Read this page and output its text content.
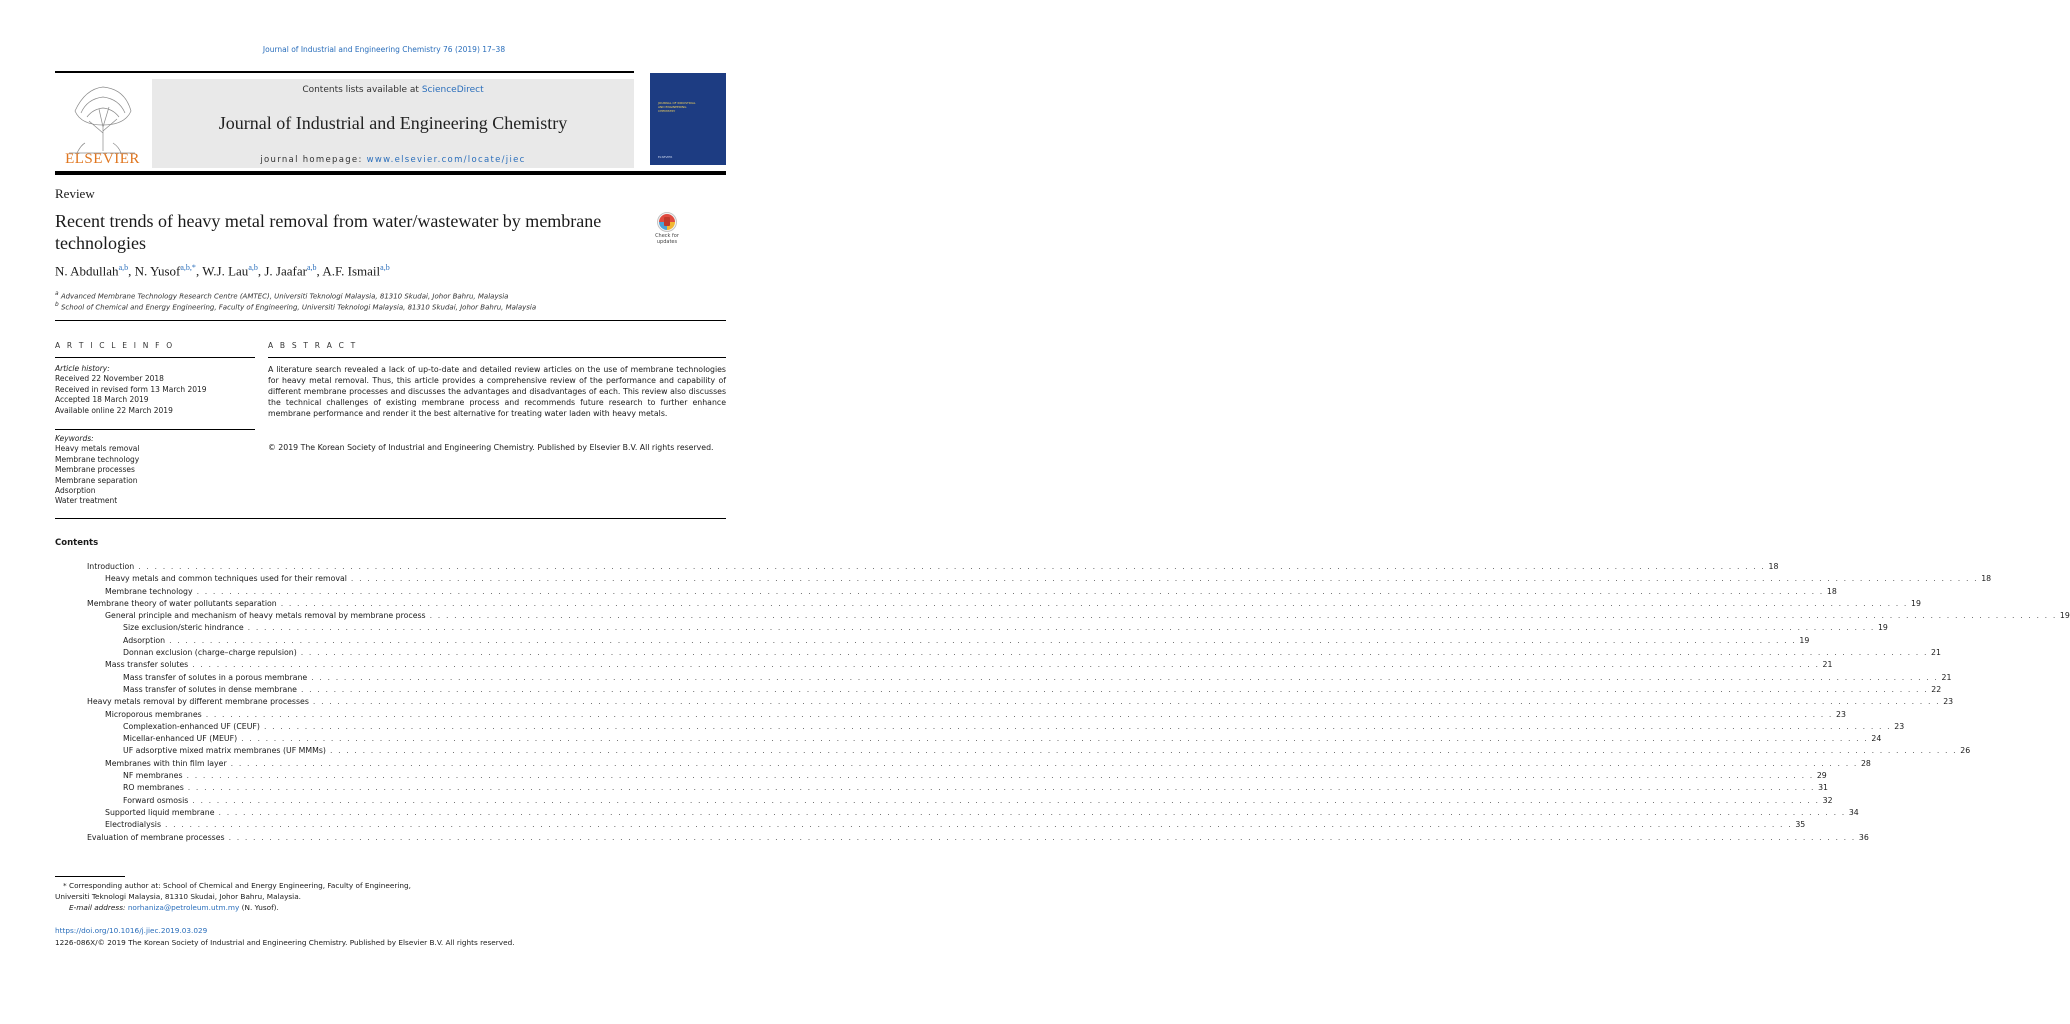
Journal of Industrial and Engineering Chemistry 76 (2019) 17–38
ELSEVIER
Contents lists available at ScienceDirect
Journal of Industrial and Engineering Chemistry
journal homepage: www.elsevier.com/locate/jiec
JOURNAL OF INDUSTRIAL AND ENGINEERING CHEMISTRY
ELSEVIER
Review
Recent trends of heavy metal removal from water/wastewater by membrane technologies	Check for updates
N. Abdullah$^{a,b}$, N. Yusof$^{a,b,*}$, W.J. Lau$^{a,b}$, J. Jaafar$^{a,b}$, A.F. Ismail$^{a,b}$
$^a$ Advanced Membrane Technology Research Centre (AMTEC), Universiti Teknologi Malaysia, 81310 Skudai, Johor Bahru, Malaysia
$^b$ School of Chemical and Energy Engineering, Faculty of Engineering, Universiti Teknologi Malaysia, 81310 Skudai, Johor Bahru, Malaysia
A R T I C L E I N F O	A B S T R A C T
Article history:
Received 22 November 2018
Received in revised form 13 March 2019
Accepted 18 March 2019
Available online 22 March 2019
Keywords:
Heavy metals removal
Membrane technology
Membrane processes
Membrane separation
Adsorption
Water treatment
A literature search revealed a lack of up-to-date and detailed review articles on the use of membrane technologies for heavy metal removal. Thus, this article provides a comprehensive review of the performance and capability of different membrane processes and discusses the advantages and disadvantages of each. This review also discusses the technical challenges of existing membrane process and recommends future research to further enhance membrane performance and render it the best alternative for treating water laden with heavy metals.
© 2019 The Korean Society of Industrial and Engineering Chemistry. Published by Elsevier B.V. All rights reserved.
Contents
Introduction . . . . . . . . . . . . . . . . . . . . . . . . . . . . . . . . . . . . . . . . . . . . . . . . . . . . . . . . . . . . . . . . . . . . . . . . . . . . . . . . . . . . . . . . . . . . . . . . . . . . . . . . . . . . . . . . . . . . . . . . . . . . . . . . . . . . . . . . . . . . . . . . . . . . . . . . . . . . . . . . . . . . . . . . . . . . . . . . . . . . . . . . . . . . . . . . . . . . . . . . 18
Heavy metals and common techniques used for their removal . . . . . . . . . . . . . . . . . . . . . . . . . . . . . . . . . . . . . . . . . . . . . . . . . . . . . . . . . . . . . . . . . . . . . . . . . . . . . . . . . . . . . . . . . . . . . . . . . . . . . . . . . . . . . . . . . . . . . . . . . . . . . . . . . . . . . . . . . . . . . . . . . . . . . . . . . . . . . . . . . . . . . . . . . . . . . . . . . . . . . . . . . . . . . . . . . . . . . . . . 18
Membrane technology . . . . . . . . . . . . . . . . . . . . . . . . . . . . . . . . . . . . . . . . . . . . . . . . . . . . . . . . . . . . . . . . . . . . . . . . . . . . . . . . . . . . . . . . . . . . . . . . . . . . . . . . . . . . . . . . . . . . . . . . . . . . . . . . . . . . . . . . . . . . . . . . . . . . . . . . . . . . . . . . . . . . . . . . . . . . . . . . . . . . . . . . . . . . . . . . . . . . . . . . 18
Membrane theory of water pollutants separation . . . . . . . . . . . . . . . . . . . . . . . . . . . . . . . . . . . . . . . . . . . . . . . . . . . . . . . . . . . . . . . . . . . . . . . . . . . . . . . . . . . . . . . . . . . . . . . . . . . . . . . . . . . . . . . . . . . . . . . . . . . . . . . . . . . . . . . . . . . . . . . . . . . . . . . . . . . . . . . . . . . . . . . . . . . . . . . . . . . . . . . . . . . . . . . . . . . . . . . . 19
General principle and mechanism of heavy metals removal by membrane process . . . . . . . . . . . . . . . . . . . . . . . . . . . . . . . . . . . . . . . . . . . . . . . . . . . . . . . . . . . . . . . . . . . . . . . . . . . . . . . . . . . . . . . . . . . . . . . . . . . . . . . . . . . . . . . . . . . . . . . . . . . . . . . . . . . . . . . . . . . . . . . . . . . . . . . . . . . . . . . . . . . . . . . . . . . . . . . . . . . . . . . . . . . . . . . . . . . . . . . . 19
Size exclusion/steric hindrance . . . . . . . . . . . . . . . . . . . . . . . . . . . . . . . . . . . . . . . . . . . . . . . . . . . . . . . . . . . . . . . . . . . . . . . . . . . . . . . . . . . . . . . . . . . . . . . . . . . . . . . . . . . . . . . . . . . . . . . . . . . . . . . . . . . . . . . . . . . . . . . . . . . . . . . . . . . . . . . . . . . . . . . . . . . . . . . . . . . . . . . . . . . . . . . . . . . . . . . . 19
Adsorption . . . . . . . . . . . . . . . . . . . . . . . . . . . . . . . . . . . . . . . . . . . . . . . . . . . . . . . . . . . . . . . . . . . . . . . . . . . . . . . . . . . . . . . . . . . . . . . . . . . . . . . . . . . . . . . . . . . . . . . . . . . . . . . . . . . . . . . . . . . . . . . . . . . . . . . . . . . . . . . . . . . . . . . . . . . . . . . . . . . . . . . . . . . . . . . . . . . . . . . . 19
Donnan exclusion (charge–charge repulsion) . . . . . . . . . . . . . . . . . . . . . . . . . . . . . . . . . . . . . . . . . . . . . . . . . . . . . . . . . . . . . . . . . . . . . . . . . . . . . . . . . . . . . . . . . . . . . . . . . . . . . . . . . . . . . . . . . . . . . . . . . . . . . . . . . . . . . . . . . . . . . . . . . . . . . . . . . . . . . . . . . . . . . . . . . . . . . . . . . . . . . . . . . . . . . . . . . . . . . . . . 21
Mass transfer solutes . . . . . . . . . . . . . . . . . . . . . . . . . . . . . . . . . . . . . . . . . . . . . . . . . . . . . . . . . . . . . . . . . . . . . . . . . . . . . . . . . . . . . . . . . . . . . . . . . . . . . . . . . . . . . . . . . . . . . . . . . . . . . . . . . . . . . . . . . . . . . . . . . . . . . . . . . . . . . . . . . . . . . . . . . . . . . . . . . . . . . . . . . . . . . . . . . . . . . . . . 21
Mass transfer of solutes in a porous membrane . . . . . . . . . . . . . . . . . . . . . . . . . . . . . . . . . . . . . . . . . . . . . . . . . . . . . . . . . . . . . . . . . . . . . . . . . . . . . . . . . . . . . . . . . . . . . . . . . . . . . . . . . . . . . . . . . . . . . . . . . . . . . . . . . . . . . . . . . . . . . . . . . . . . . . . . . . . . . . . . . . . . . . . . . . . . . . . . . . . . . . . . . . . . . . . . . . . . . . . . 21
Mass transfer of solutes in dense membrane . . . . . . . . . . . . . . . . . . . . . . . . . . . . . . . . . . . . . . . . . . . . . . . . . . . . . . . . . . . . . . . . . . . . . . . . . . . . . . . . . . . . . . . . . . . . . . . . . . . . . . . . . . . . . . . . . . . . . . . . . . . . . . . . . . . . . . . . . . . . . . . . . . . . . . . . . . . . . . . . . . . . . . . . . . . . . . . . . . . . . . . . . . . . . . . . . . . . . . . . 22
Heavy metals removal by different membrane processes . . . . . . . . . . . . . . . . . . . . . . . . . . . . . . . . . . . . . . . . . . . . . . . . . . . . . . . . . . . . . . . . . . . . . . . . . . . . . . . . . . . . . . . . . . . . . . . . . . . . . . . . . . . . . . . . . . . . . . . . . . . . . . . . . . . . . . . . . . . . . . . . . . . . . . . . . . . . . . . . . . . . . . . . . . . . . . . . . . . . . . . . . . . . . . . . . . . . . . . . 23
Microporous membranes . . . . . . . . . . . . . . . . . . . . . . . . . . . . . . . . . . . . . . . . . . . . . . . . . . . . . . . . . . . . . . . . . . . . . . . . . . . . . . . . . . . . . . . . . . . . . . . . . . . . . . . . . . . . . . . . . . . . . . . . . . . . . . . . . . . . . . . . . . . . . . . . . . . . . . . . . . . . . . . . . . . . . . . . . . . . . . . . . . . . . . . . . . . . . . . . . . . . . . . . 23
Complexation-enhanced UF (CEUF) . . . . . . . . . . . . . . . . . . . . . . . . . . . . . . . . . . . . . . . . . . . . . . . . . . . . . . . . . . . . . . . . . . . . . . . . . . . . . . . . . . . . . . . . . . . . . . . . . . . . . . . . . . . . . . . . . . . . . . . . . . . . . . . . . . . . . . . . . . . . . . . . . . . . . . . . . . . . . . . . . . . . . . . . . . . . . . . . . . . . . . . . . . . . . . . . . . . . . . . . 23
Micellar-enhanced UF (MEUF) . . . . . . . . . . . . . . . . . . . . . . . . . . . . . . . . . . . . . . . . . . . . . . . . . . . . . . . . . . . . . . . . . . . . . . . . . . . . . . . . . . . . . . . . . . . . . . . . . . . . . . . . . . . . . . . . . . . . . . . . . . . . . . . . . . . . . . . . . . . . . . . . . . . . . . . . . . . . . . . . . . . . . . . . . . . . . . . . . . . . . . . . . . . . . . . . . . . . . . . . 24
UF adsorptive mixed matrix membranes (UF MMMs) . . . . . . . . . . . . . . . . . . . . . . . . . . . . . . . . . . . . . . . . . . . . . . . . . . . . . . . . . . . . . . . . . . . . . . . . . . . . . . . . . . . . . . . . . . . . . . . . . . . . . . . . . . . . . . . . . . . . . . . . . . . . . . . . . . . . . . . . . . . . . . . . . . . . . . . . . . . . . . . . . . . . . . . . . . . . . . . . . . . . . . . . . . . . . . . . . . . . . . . . 26
Membranes with thin film layer . . . . . . . . . . . . . . . . . . . . . . . . . . . . . . . . . . . . . . . . . . . . . . . . . . . . . . . . . . . . . . . . . . . . . . . . . . . . . . . . . . . . . . . . . . . . . . . . . . . . . . . . . . . . . . . . . . . . . . . . . . . . . . . . . . . . . . . . . . . . . . . . . . . . . . . . . . . . . . . . . . . . . . . . . . . . . . . . . . . . . . . . . . . . . . . . . . . . . . . . 28
NF membranes . . . . . . . . . . . . . . . . . . . . . . . . . . . . . . . . . . . . . . . . . . . . . . . . . . . . . . . . . . . . . . . . . . . . . . . . . . . . . . . . . . . . . . . . . . . . . . . . . . . . . . . . . . . . . . . . . . . . . . . . . . . . . . . . . . . . . . . . . . . . . . . . . . . . . . . . . . . . . . . . . . . . . . . . . . . . . . . . . . . . . . . . . . . . . . . . . . . . . . . . 29
RO membranes . . . . . . . . . . . . . . . . . . . . . . . . . . . . . . . . . . . . . . . . . . . . . . . . . . . . . . . . . . . . . . . . . . . . . . . . . . . . . . . . . . . . . . . . . . . . . . . . . . . . . . . . . . . . . . . . . . . . . . . . . . . . . . . . . . . . . . . . . . . . . . . . . . . . . . . . . . . . . . . . . . . . . . . . . . . . . . . . . . . . . . . . . . . . . . . . . . . . . . . . 31
Forward osmosis . . . . . . . . . . . . . . . . . . . . . . . . . . . . . . . . . . . . . . . . . . . . . . . . . . . . . . . . . . . . . . . . . . . . . . . . . . . . . . . . . . . . . . . . . . . . . . . . . . . . . . . . . . . . . . . . . . . . . . . . . . . . . . . . . . . . . . . . . . . . . . . . . . . . . . . . . . . . . . . . . . . . . . . . . . . . . . . . . . . . . . . . . . . . . . . . . . . . . . . . 32
Supported liquid membrane . . . . . . . . . . . . . . . . . . . . . . . . . . . . . . . . . . . . . . . . . . . . . . . . . . . . . . . . . . . . . . . . . . . . . . . . . . . . . . . . . . . . . . . . . . . . . . . . . . . . . . . . . . . . . . . . . . . . . . . . . . . . . . . . . . . . . . . . . . . . . . . . . . . . . . . . . . . . . . . . . . . . . . . . . . . . . . . . . . . . . . . . . . . . . . . . . . . . . . . . 34
Electrodialysis . . . . . . . . . . . . . . . . . . . . . . . . . . . . . . . . . . . . . . . . . . . . . . . . . . . . . . . . . . . . . . . . . . . . . . . . . . . . . . . . . . . . . . . . . . . . . . . . . . . . . . . . . . . . . . . . . . . . . . . . . . . . . . . . . . . . . . . . . . . . . . . . . . . . . . . . . . . . . . . . . . . . . . . . . . . . . . . . . . . . . . . . . . . . . . . . . . . . . . . . 35
Evaluation of membrane processes . . . . . . . . . . . . . . . . . . . . . . . . . . . . . . . . . . . . . . . . . . . . . . . . . . . . . . . . . . . . . . . . . . . . . . . . . . . . . . . . . . . . . . . . . . . . . . . . . . . . . . . . . . . . . . . . . . . . . . . . . . . . . . . . . . . . . . . . . . . . . . . . . . . . . . . . . . . . . . . . . . . . . . . . . . . . . . . . . . . . . . . . . . . . . . . . . . . . . . . . 36
* Corresponding author at: School of Chemical and Energy Engineering, Faculty of Engineering, Universiti Teknologi Malaysia, 81310 Skudai, Johor Bahru, Malaysia.
E-mail address: norhaniza@petroleum.utm.my (N. Yusof).
https://doi.org/10.1016/j.jiec.2019.03.029
1226-086X/© 2019 The Korean Society of Industrial and Engineering Chemistry. Published by Elsevier B.V. All rights reserved.
